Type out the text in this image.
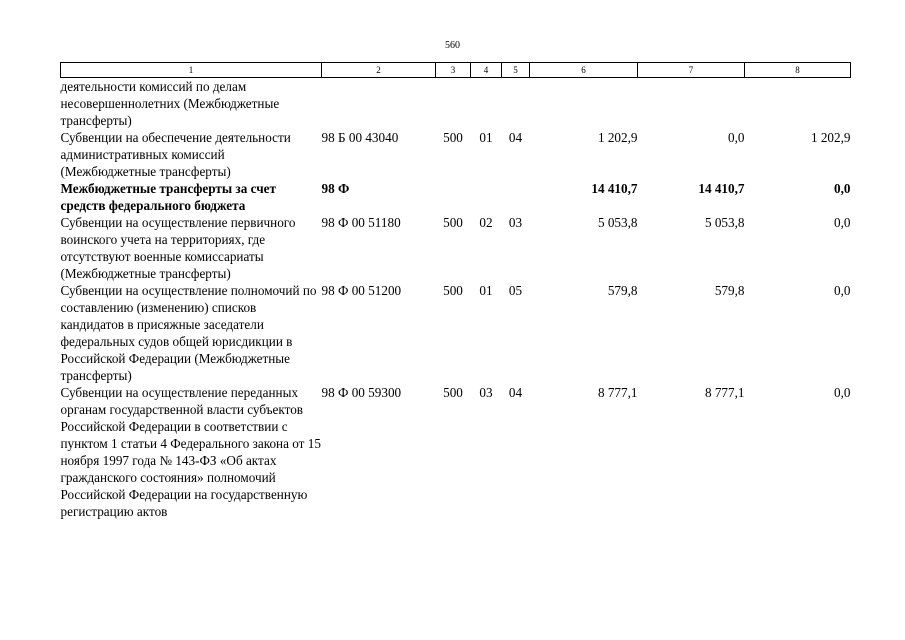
560
1	2	3	4	5	6	7	8
деятельности комиссий по делам несовершеннолетних (Межбюджетные трансферты)							
Субвенции на обеспечение деятельности административных комиссий (Межбюджетные трансферты)	98 Б 00 43040	500	01	04	1 202,9	0,0	1 202,9
Межбюджетные трансферты за счет средств федерального бюджета	98 Ф				14 410,7	14 410,7	0,0
Субвенции на осуществление первичного воинского учета на территориях, где отсутствуют военные комиссариаты (Межбюджетные трансферты)	98 Ф 00 51180	500	02	03	5 053,8	5 053,8	0,0
Субвенции на осуществление полномочий по составлению (изменению) списков кандидатов в присяжные заседатели федеральных судов общей юрисдикции в Российской Федерации (Межбюджетные трансферты)	98 Ф 00 51200	500	01	05	579,8	579,8	0,0
Субвенции на осуществление переданных органам государственной власти субъектов Российской Федерации в соответствии с пунктом 1 статьи 4 Федерального закона от 15 ноября 1997 года № 143-ФЗ «Об актах гражданского состояния» полномочий Российской Федерации на государственную регистрацию актов	98 Ф 00 59300	500	03	04	8 777,1	8 777,1	0,0
